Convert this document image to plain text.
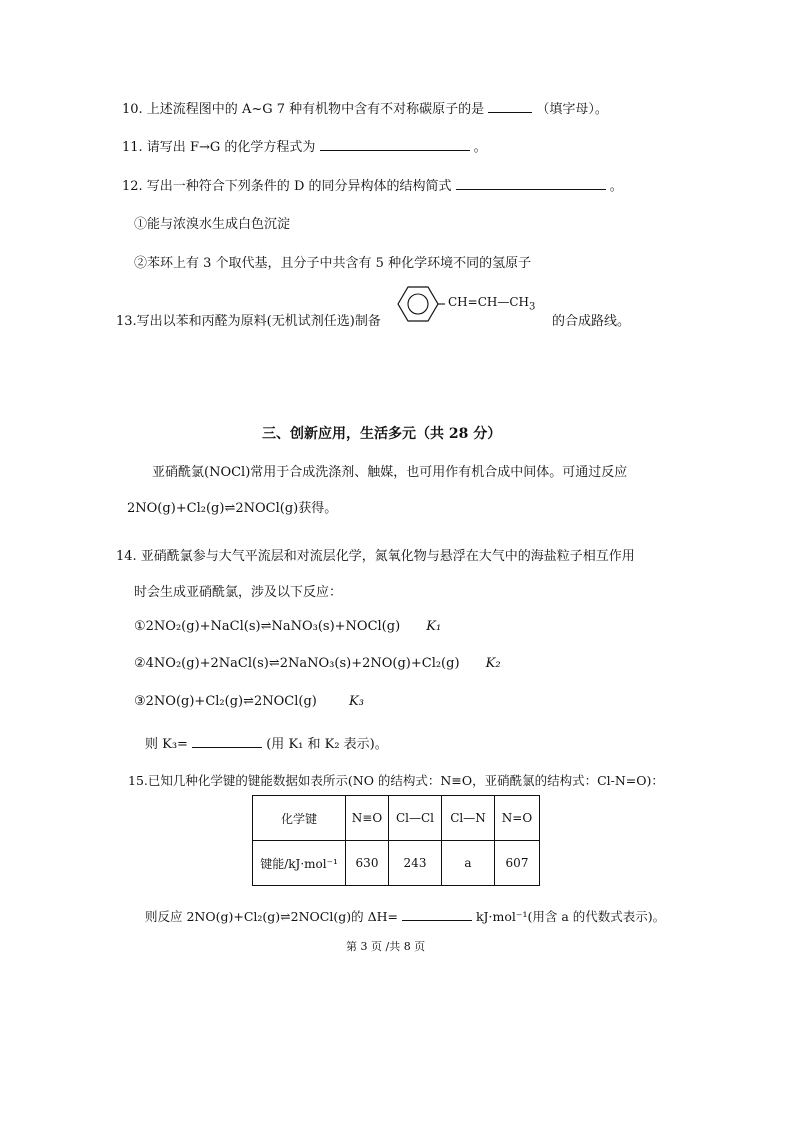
10. 上述流程图中的 A~G 7 种有机物中含有不对称碳原子的是	（填字母）。
11. 请写出 F→G 的化学方程式为	。
12. 写出一种符合下列条件的 D 的同分异构体的结构简式	。
①能与浓溴水生成白色沉淀
②苯环上有 3 个取代基，且分子中共含有 5 种化学环境不同的氢原子
13.写出以苯和丙醛为原料(无机试剂任选)制备
$CH=CH—CH_3$
的合成路线。
三、创新应用，生活多元（共 28 分）
亚硝酰氯(NOCl)常用于合成洗涤剂、触媒，也可用作有机合成中间体。可通过反应
2NO(g)+Cl₂(g)⇌2NOCl(g)获得。
14. 亚硝酰氯参与大气平流层和对流层化学，氮氧化物与悬浮在大气中的海盐粒子相互作用
时会生成亚硝酰氯，涉及以下反应：
①2NO₂(g)+NaCl(s)⇌NaNO₃(s)+NOCl(g) K₁
②4NO₂(g)+2NaCl(s)⇌2NaNO₃(s)+2NO(g)+Cl₂(g) K₂
③2NO(g)+Cl₂(g)⇌2NOCl(g) K₃
则 K₃=	(用 K₁ 和 K₂ 表示)。
15.已知几种化学键的键能数据如表所示(NO 的结构式：N≡O，亚硝酰氯的结构式：Cl-N=O)：
化学键	N≡O	Cl—Cl	Cl—N	N=O
键能/kJ·mol⁻¹	630	243	a	607
则反应 2NO(g)+Cl₂(g)⇌2NOCl(g)的 ΔH=	kJ·mol⁻¹(用含 a 的代数式表示)。
第 3 页 /共 8 页
